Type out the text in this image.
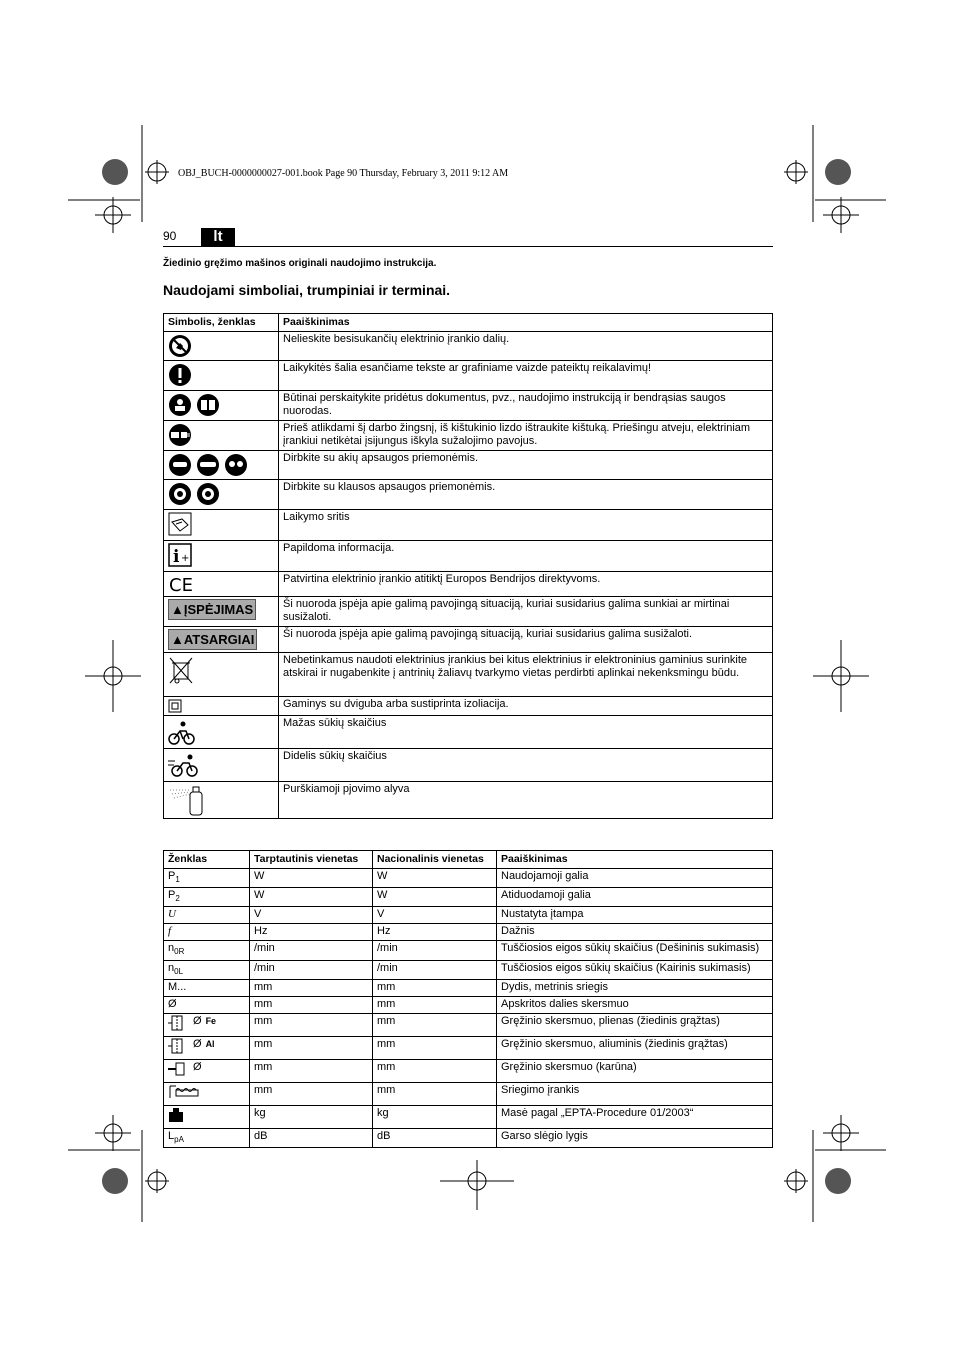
OBJ_BUCH-0000000027-001.book Page 90 Thursday, February 3, 2011 9:12 AM
90	lt
Žiedinio gręžimo mašinos originali naudojimo instrukcija.
Naudojami simboliai, trumpiniai ir terminai.
Simbolis, ženklas	Paaiškinimas
	Nelieskite besisukančių elektrinio įrankio dalių.
	Laikykitės šalia esančiame tekste ar grafiniame vaizde pateiktų reikalavimų!
	Būtinai perskaitykite pridėtus dokumentus, pvz., naudojimo instrukciją ir bendrąsias saugos nuorodas.
	Prieš atlikdami šį darbo žingsnį, iš kištukinio lizdo ištraukite kištuką. Priešingu atveju, elektriniam įrankiui netikėtai įsijungus iškyla sužalojimo pavojus.
	Dirbkite su akių apsaugos priemonėmis.
	Dirbkite su klausos apsaugos priemonėmis.
	Laikymo sritis

i +	Papildoma informacija.

CE	Patvirtina elektrinio įrankio atitiktį Europos Bendrijos direktyvoms.
▲ĮSPĖJIMAS	Ši nuoroda įspėja apie galimą pavojingą situaciją, kuriai susidarius galima sunkiai ar mirtinai susižaloti.
▲ATSARGIAI	Ši nuoroda įspėja apie galimą pavojingą situaciją, kuriai susidarius galima susižaloti.
	Nebetinkamus naudoti elektrinius įrankius bei kitus elektrinius ir elektroninius gaminius surinkite atskirai ir nugabenkite į antrinių žaliavų tvarkymo vietas perdirbti aplinkai nekenksmingu būdu.
	Gaminys su dviguba arba sustiprinta izoliacija.
	Mažas sūkių skaičius
	Didelis sūkių skaičius
	Purškiamoji pjovimo alyva
Ženklas	Tarptautinis vienetas	Nacionalinis vienetas	Paaiškinimas
$P_1$	W	W	Naudojamoji galia
$P_2$	W	W	Atiduodamoji galia
U	V	V	Nustatyta įtampa
f	Hz	Hz	Dažnis
$n_{0R}$	/min	/min	Tuščiosios eigos sūkių skaičius (Dešininis sukimasis)
$n_{0L}$	/min	/min	Tuščiosios eigos sūkių skaičius (Kairinis sukimasis)
M...	mm	mm	Dydis, metrinis sriegis
Ø	mm	mm	Apskritos dalies skersmuo
Ø Fe	mm	mm	Gręžinio skersmuo, plienas (žiedinis grąžtas)
Ø Al	mm	mm	Gręžinio skersmuo, aliuminis (žiedinis grąžtas)
Ø	mm	mm	Gręžinio skersmuo (karūna)
	mm	mm	Sriegimo įrankis
	kg	kg	Masė pagal „EPTA-Procedure 01/2003“
$L_{pA}$	dB	dB	Garso slėgio lygis
